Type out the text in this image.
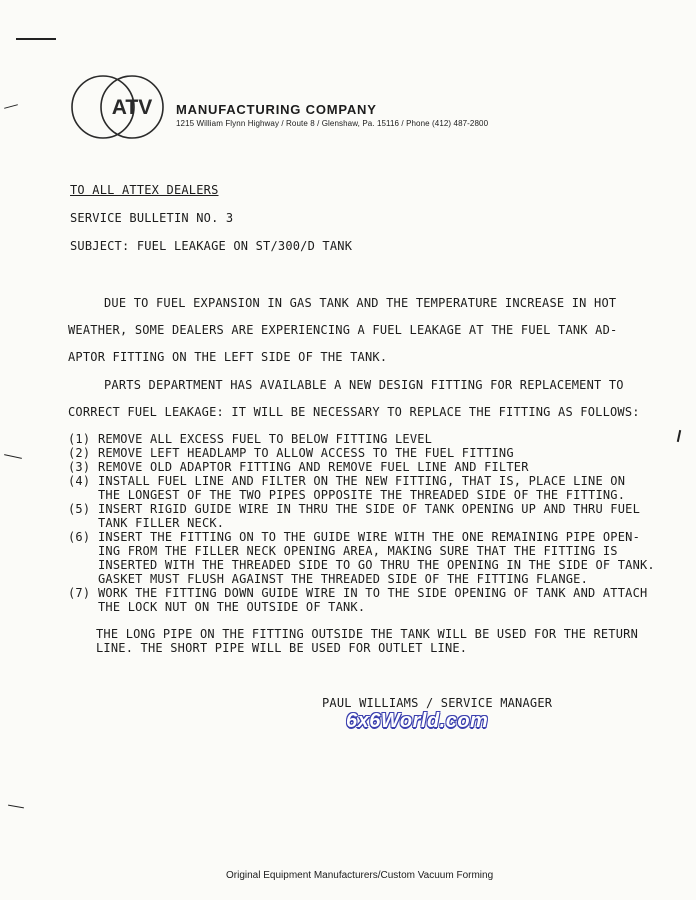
ATV MANUFACTURING COMPANY
1215 William Flynn Highway / Route 8 / Glenshaw, Pa. 15116 / Phone (412) 487-2800
TO ALL ATTEX DEALERS
SERVICE BULLETIN NO. 3
SUBJECT: FUEL LEAKAGE ON ST/300/D TANK
DUE TO FUEL EXPANSION IN GAS TANK AND THE TEMPERATURE INCREASE IN HOT
WEATHER, SOME DEALERS ARE EXPERIENCING A FUEL LEAKAGE AT THE FUEL TANK AD-
APTOR FITTING ON THE LEFT SIDE OF THE TANK.
PARTS DEPARTMENT HAS AVAILABLE A NEW DESIGN FITTING FOR REPLACEMENT TO
CORRECT FUEL LEAKAGE: IT WILL BE NECESSARY TO REPLACE THE FITTING AS FOLLOWS:
(1) REMOVE ALL EXCESS FUEL TO BELOW FITTING LEVEL
(2) REMOVE LEFT HEADLAMP TO ALLOW ACCESS TO THE FUEL FITTING
(3) REMOVE OLD ADAPTOR FITTING AND REMOVE FUEL LINE AND FILTER
(4) INSTALL FUEL LINE AND FILTER ON THE NEW FITTING, THAT IS, PLACE LINE ON
THE LONGEST OF THE TWO PIPES OPPOSITE THE THREADED SIDE OF THE FITTING.
(5) INSERT RIGID GUIDE WIRE IN THRU THE SIDE OF TANK OPENING UP AND THRU FUEL
TANK FILLER NECK.
(6) INSERT THE FITTING ON TO THE GUIDE WIRE WITH THE ONE REMAINING PIPE OPEN-
ING FROM THE FILLER NECK OPENING AREA, MAKING SURE THAT THE FITTING IS
INSERTED WITH THE THREADED SIDE TO GO THRU THE OPENING IN THE SIDE OF TANK.
GASKET MUST FLUSH AGAINST THE THREADED SIDE OF THE FITTING FLANGE.
(7) WORK THE FITTING DOWN GUIDE WIRE IN TO THE SIDE OPENING OF TANK AND ATTACH
THE LOCK NUT ON THE OUTSIDE OF TANK.
THE LONG PIPE ON THE FITTING OUTSIDE THE TANK WILL BE USED FOR THE RETURN
LINE. THE SHORT PIPE WILL BE USED FOR OUTLET LINE.
PAUL WILLIAMS / SERVICE MANAGER
6x6World.com
Original Equipment Manufacturers/Custom Vacuum Forming
